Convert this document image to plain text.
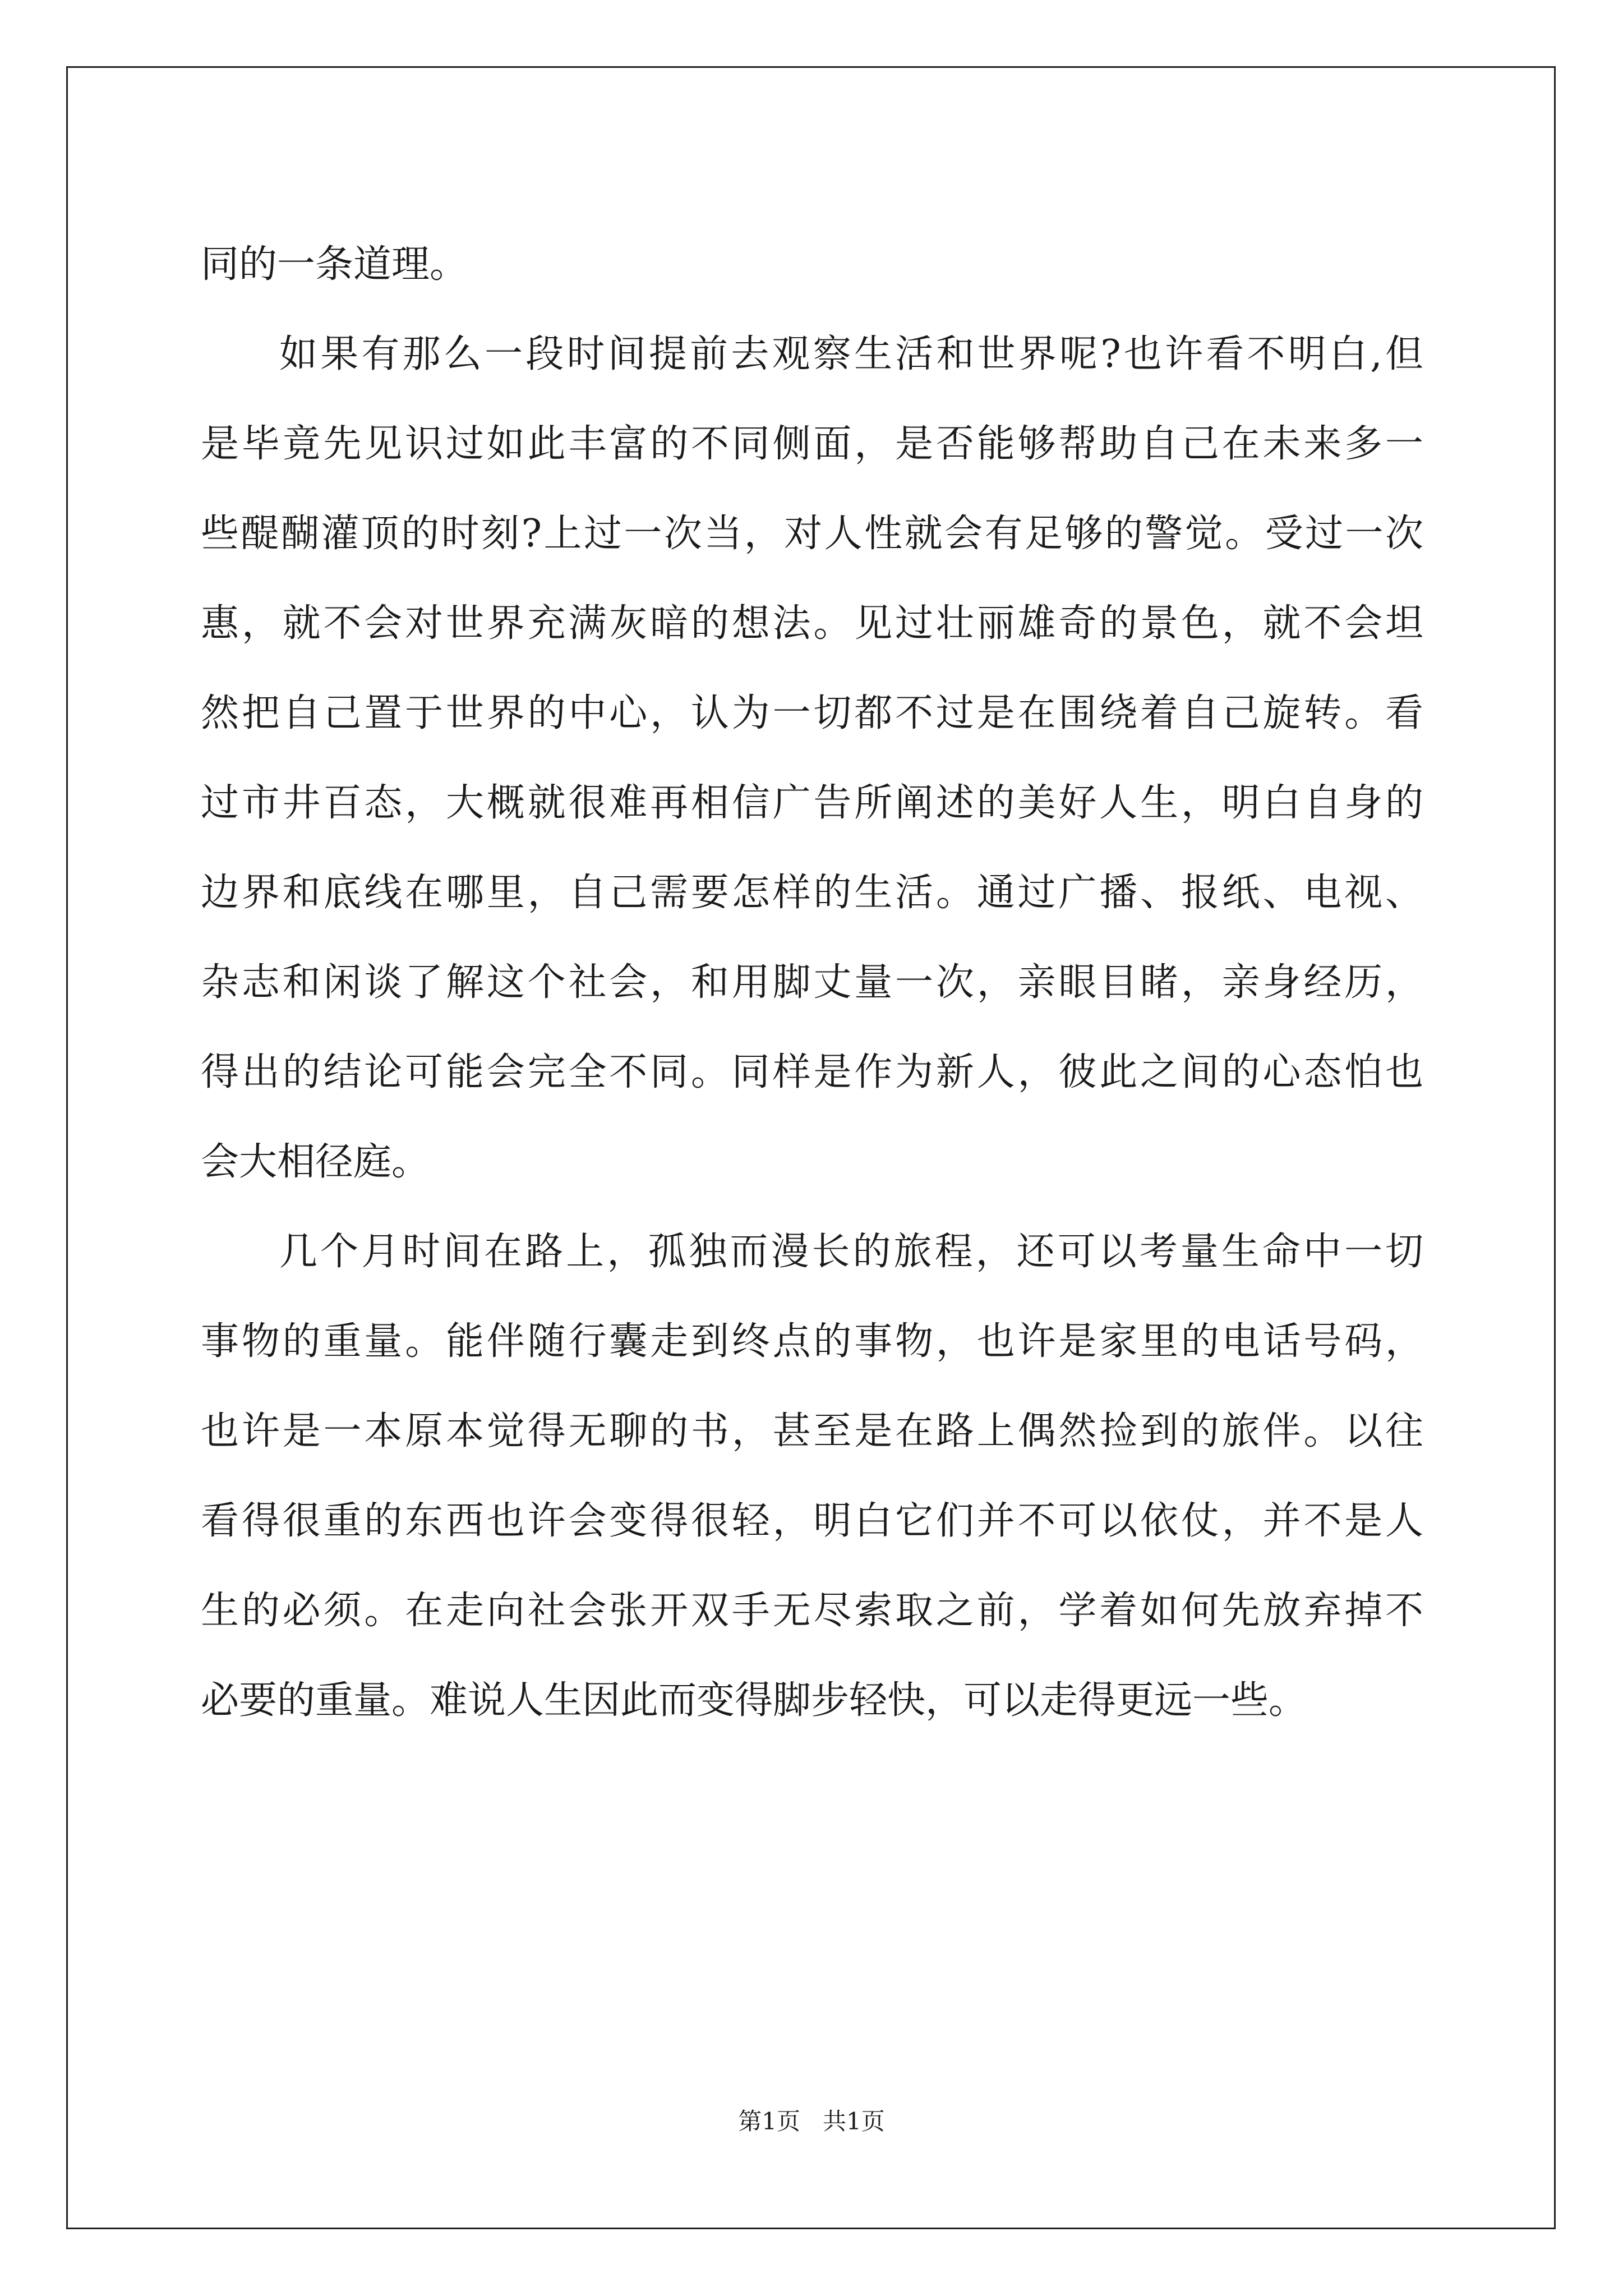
同的一条道理。
如果有那么一段时间提前去观察生活和世界呢?也许看不明白,但
是毕竟先见识过如此丰富的不同侧面，是否能够帮助自己在未来多一
些醍醐灌顶的时刻?上过一次当，对人性就会有足够的警觉。受过一次
惠，就不会对世界充满灰暗的想法。见过壮丽雄奇的景色，就不会坦
然把自己置于世界的中心，认为一切都不过是在围绕着自己旋转。看
过市井百态，大概就很难再相信广告所阐述的美好人生，明白自身的
边界和底线在哪里，自己需要怎样的生活。通过广播、报纸、电视、
杂志和闲谈了解这个社会，和用脚丈量一次，亲眼目睹，亲身经历，
得出的结论可能会完全不同。同样是作为新人，彼此之间的心态怕也
会大相径庭。
几个月时间在路上，孤独而漫长的旅程，还可以考量生命中一切
事物的重量。能伴随行囊走到终点的事物，也许是家里的电话号码，
也许是一本原本觉得无聊的书，甚至是在路上偶然捡到的旅伴。以往
看得很重的东西也许会变得很轻，明白它们并不可以依仗，并不是人
生的必须。在走向社会张开双手无尽索取之前，学着如何先放弃掉不
必要的重量。难说人生因此而变得脚步轻快，可以走得更远一些。
第1页   共1页
